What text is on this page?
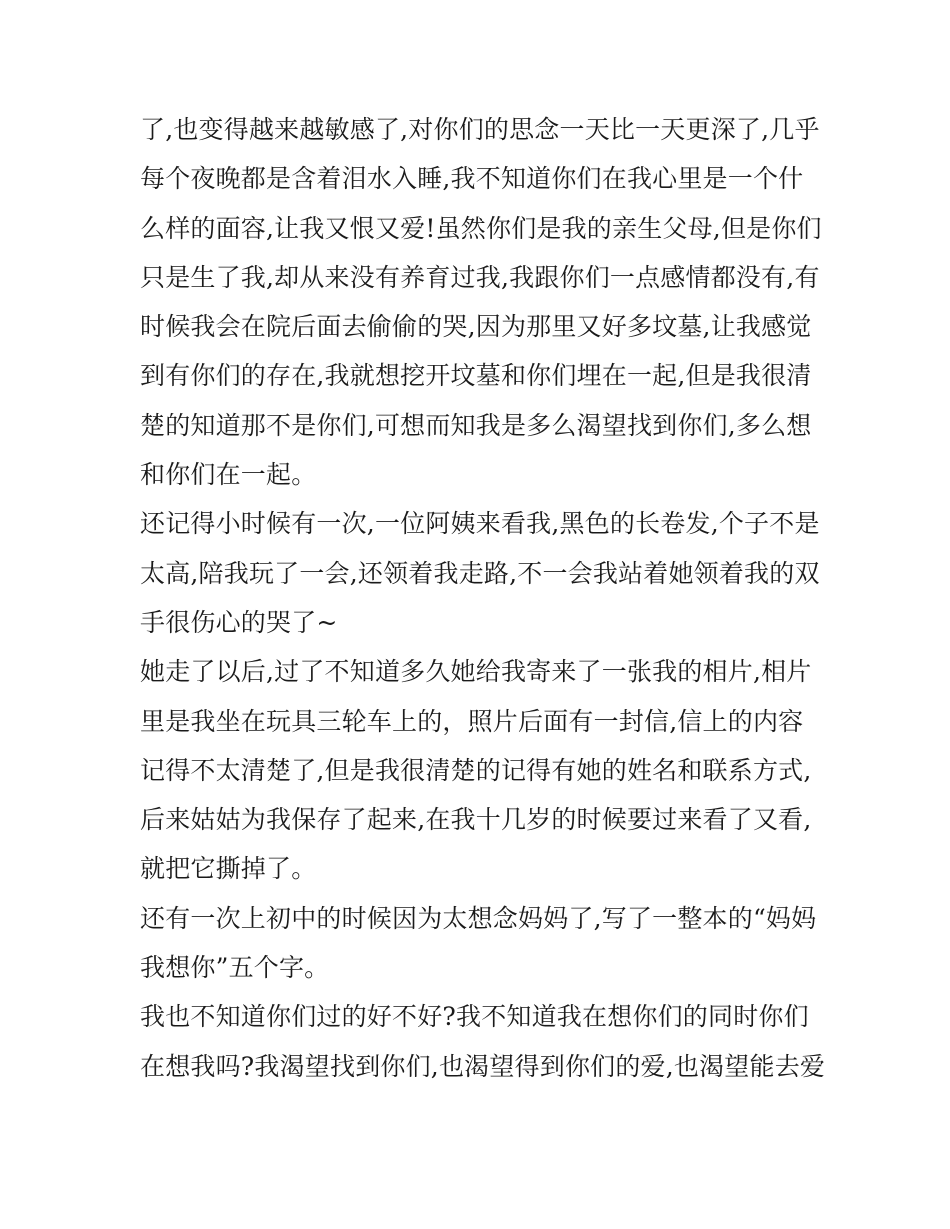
了,也变得越来越敏感了,对你们的思念一天比一天更深了,几乎
每个夜晚都是含着泪水入睡,我不知道你们在我心里是一个什
么样的面容,让我又恨又爱!虽然你们是我的亲生父母,但是你们
只是生了我,却从来没有养育过我,我跟你们一点感情都没有,有
时候我会在院后面去偷偷的哭,因为那里又好多坟墓,让我感觉
到有你们的存在,我就想挖开坟墓和你们埋在一起,但是我很清
楚的知道那不是你们,可想而知我是多么渴望找到你们,多么想
和你们在一起。
还记得小时候有一次,一位阿姨来看我,黑色的长卷发,个子不是
太高,陪我玩了一会,还领着我走路,不一会我站着她领着我的双
手很伤心的哭了~
她走了以后,过了不知道多久她给我寄来了一张我的相片,相片
里是我坐在玩具三轮车上的，照片后面有一封信,信上的内容
记得不太清楚了,但是我很清楚的记得有她的姓名和联系方式,
后来姑姑为我保存了起来,在我十几岁的时候要过来看了又看,
就把它撕掉了。
还有一次上初中的时候因为太想念妈妈了,写了一整本的“妈妈
我想你”五个字。
我也不知道你们过的好不好?我不知道我在想你们的同时你们
在想我吗?我渴望找到你们,也渴望得到你们的爱,也渴望能去爱
